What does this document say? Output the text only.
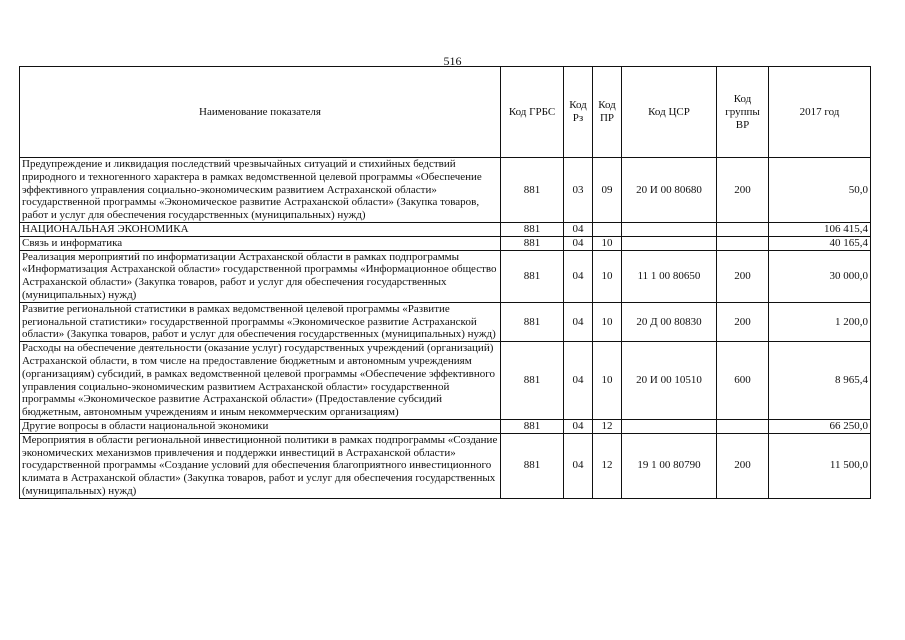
516
Наименование показателя	Код ГРБС	Код Рз	Код ПР	Код ЦСР	Код группы ВР	2017 год
Предупреждение и ликвидация последствий чрезвычайных ситуаций и стихийных бедствий природного и техногенного характера в рамках ведомственной целевой программы «Обеспечение эффективного управления социально-экономическим развитием Астраханской области» государственной программы «Экономическое развитие Астраханской области» (Закупка товаров, работ и услуг для обеспечения государственных (муниципальных) нужд)	881	03	09	20 И 00 80680	200	50,0
НАЦИОНАЛЬНАЯ ЭКОНОМИКА	881	04				106 415,4
Связь и информатика	881	04	10			40 165,4
Реализация мероприятий по информатизации Астраханской области в рамках подпрограммы «Информатизация Астраханской области» государственной программы «Информационное общество Астраханской области» (Закупка товаров, работ и услуг для обеспечения государственных (муниципальных) нужд)	881	04	10	11 1 00 80650	200	30 000,0
Развитие региональной статистики в рамках ведомственной целевой программы «Развитие региональной статистики» государственной программы «Экономическое развитие Астраханской области» (Закупка товаров, работ и услуг для обеспечения государственных (муниципальных) нужд)	881	04	10	20 Д 00 80830	200	1 200,0
Расходы на обеспечение деятельности (оказание услуг) государственных учреждений (организаций) Астраханской области, в том числе на предоставление бюджетным и автономным учреждениям (организациям) субсидий, в рамках ведомственной целевой программы «Обеспечение эффективного управления социально-экономическим развитием Астраханской области» государственной программы «Экономическое развитие Астраханской области» (Предоставление субсидий бюджетным, автономным учреждениям и иным некоммерческим организациям)	881	04	10	20 И 00 10510	600	8 965,4
Другие вопросы в области национальной экономики	881	04	12			66 250,0
Мероприятия в области региональной инвестиционной политики в рамках подпрограммы «Создание экономических механизмов привлечения и поддержки инвестиций в Астраханской области» государственной программы «Создание условий для обеспечения благоприятного инвестиционного климата в Астраханской области» (Закупка товаров, работ и услуг для обеспечения государственных (муниципальных) нужд)	881	04	12	19 1 00 80790	200	11 500,0
